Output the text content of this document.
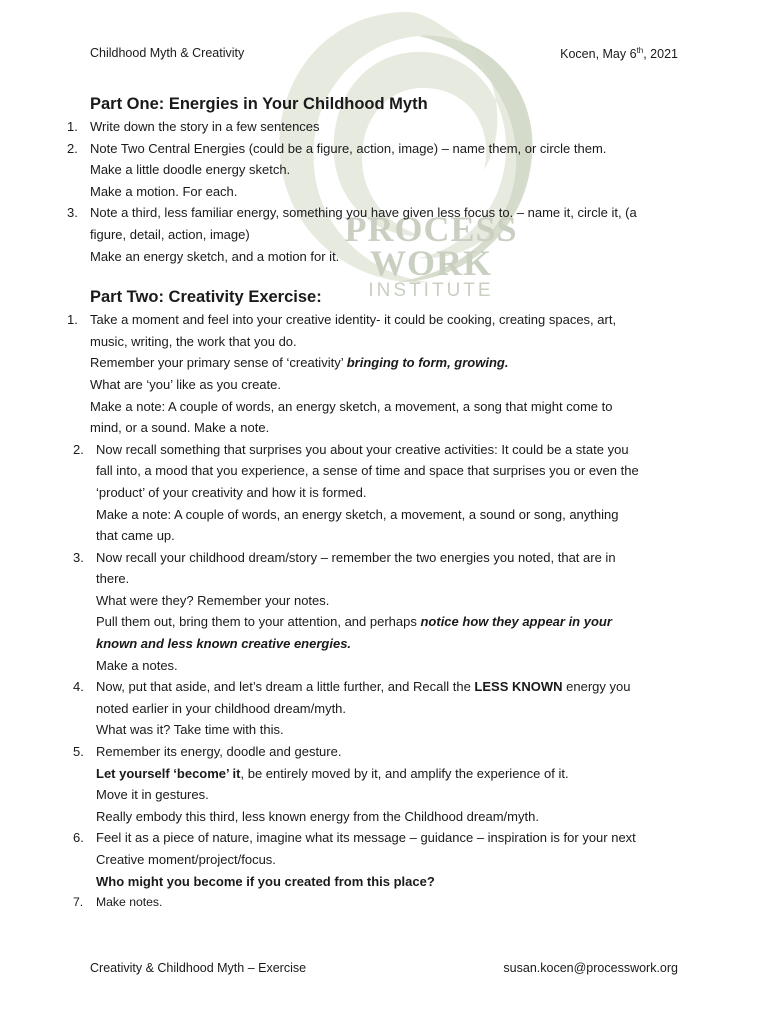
PROCESS
WORK
INSTITUTE
Childhood Myth & Creativity	Kocen, May 6th, 2021
Part One: Energies in Your Childhood Myth
1. Write down the story in a few sentences
2. Note Two Central Energies (could be a figure, action, image) – name them, or circle them.
Make a little doodle energy sketch.
Make a motion. For each.
3. Note a third, less familiar energy, something you have given less focus to. – name it, circle it, (a
figure, detail, action, image)
Make an energy sketch, and a motion for it.
Part Two: Creativity Exercise:
1. Take a moment and feel into your creative identity- it could be cooking, creating spaces, art,
music, writing, the work that you do.
Remember your primary sense of ‘creativity’ bringing to form, growing.
What are ‘you’ like as you create.
Make a note: A couple of words, an energy sketch, a movement, a song that might come to
mind, or a sound. Make a note.
2. Now recall something that surprises you about your creative activities: It could be a state you
fall into, a mood that you experience, a sense of time and space that surprises you or even the
‘product’ of your creativity and how it is formed.
Make a note: A couple of words, an energy sketch, a movement, a sound or song, anything
that came up.
3. Now recall your childhood dream/story – remember the two energies you noted, that are in
there.
What were they? Remember your notes.
Pull them out, bring them to your attention, and perhaps notice how they appear in your
known and less known creative energies.
Make a notes.
4. Now, put that aside, and let’s dream a little further, and Recall the LESS KNOWN energy you
noted earlier in your childhood dream/myth.
What was it? Take time with this.
5. Remember its energy, doodle and gesture.
Let yourself ‘become’ it, be entirely moved by it, and amplify the experience of it.
Move it in gestures.
Really embody this third, less known energy from the Childhood dream/myth.
6. Feel it as a piece of nature, imagine what its message – guidance – inspiration is for your next
Creative moment/project/focus.
Who might you become if you created from this place?
7. Make notes.
Creativity & Childhood Myth – Exercise	susan.kocen@processwork.org
